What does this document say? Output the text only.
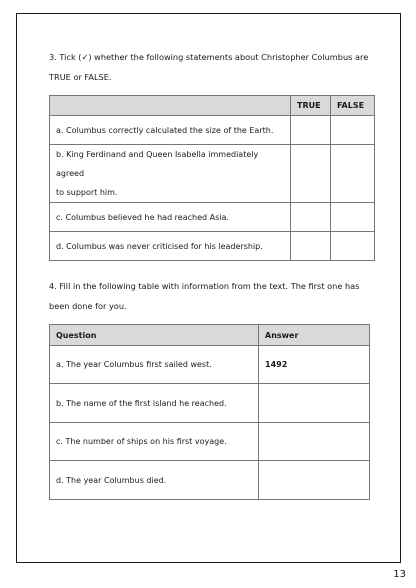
3. Tick (✓) whether the following statements about Christopher Columbus are
TRUE or FALSE.
	TRUE	FALSE
a. Columbus correctly calculated the size of the Earth.		

b. King Ferdinand and Queen Isabella immediately agreed
to support him.		

c. Columbus believed he had reached Asia.		
d. Columbus was never criticised for his leadership.		
4. Fill in the following table with information from the text. The first one has
been done for you.
Question	Answer
a. The year Columbus first sailed west.	1492
b. The name of the first island he reached.	
c. The number of ships on his first voyage.	
d. The year Columbus died.	
13
